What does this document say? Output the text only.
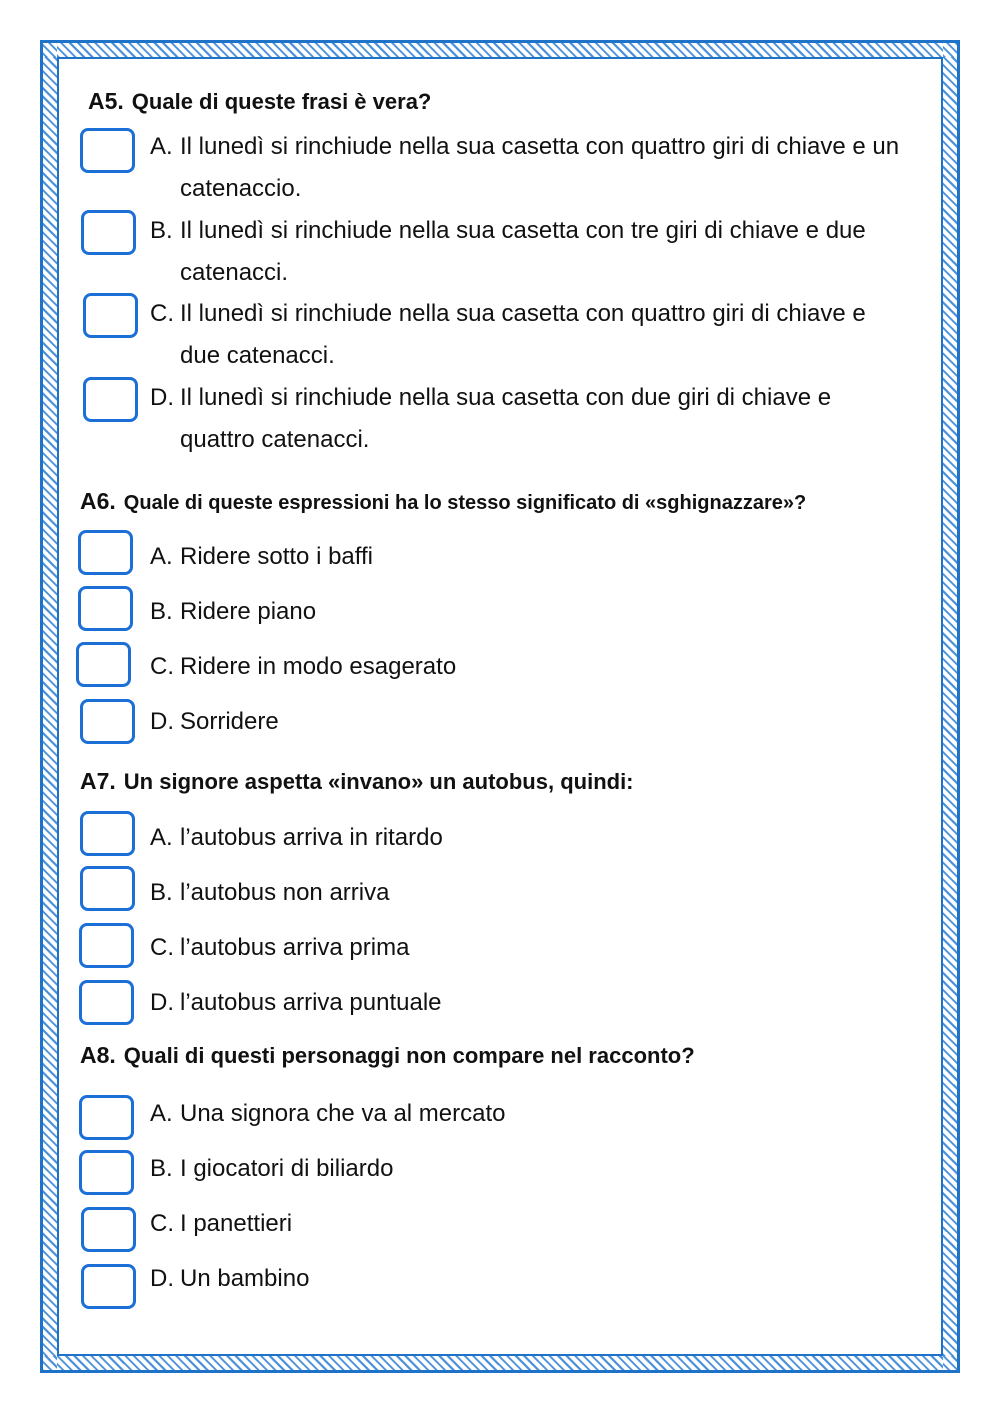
A5. Quale di queste frasi è vera?
A. Il lunedì si rinchiude nella sua casetta con quattro giri di chiave e un catenaccio.

B. Il lunedì si rinchiude nella sua casetta con tre giri di chiave e due catenacci.

C. Il lunedì si rinchiude nella sua casetta con quattro giri di chiave e due catenacci.

D. Il lunedì si rinchiude nella sua casetta con due giri di chiave e quattro catenacci.

A6. Quale di queste espressioni ha lo stesso significato di «sghignazzare»?
A. Ridere sotto i baffi

B. Ridere piano

C. Ridere in modo esagerato

D. Sorridere

A7. Un signore aspetta «invano» un autobus, quindi:
A. l’autobus arriva in ritardo

B. l’autobus non arriva

C. l’autobus arriva prima

D. l’autobus arriva puntuale

A8. Quali di questi personaggi non compare nel racconto?
A. Una signora che va al mercato

B. I giocatori di biliardo

C. I panettieri

D. Un bambino
